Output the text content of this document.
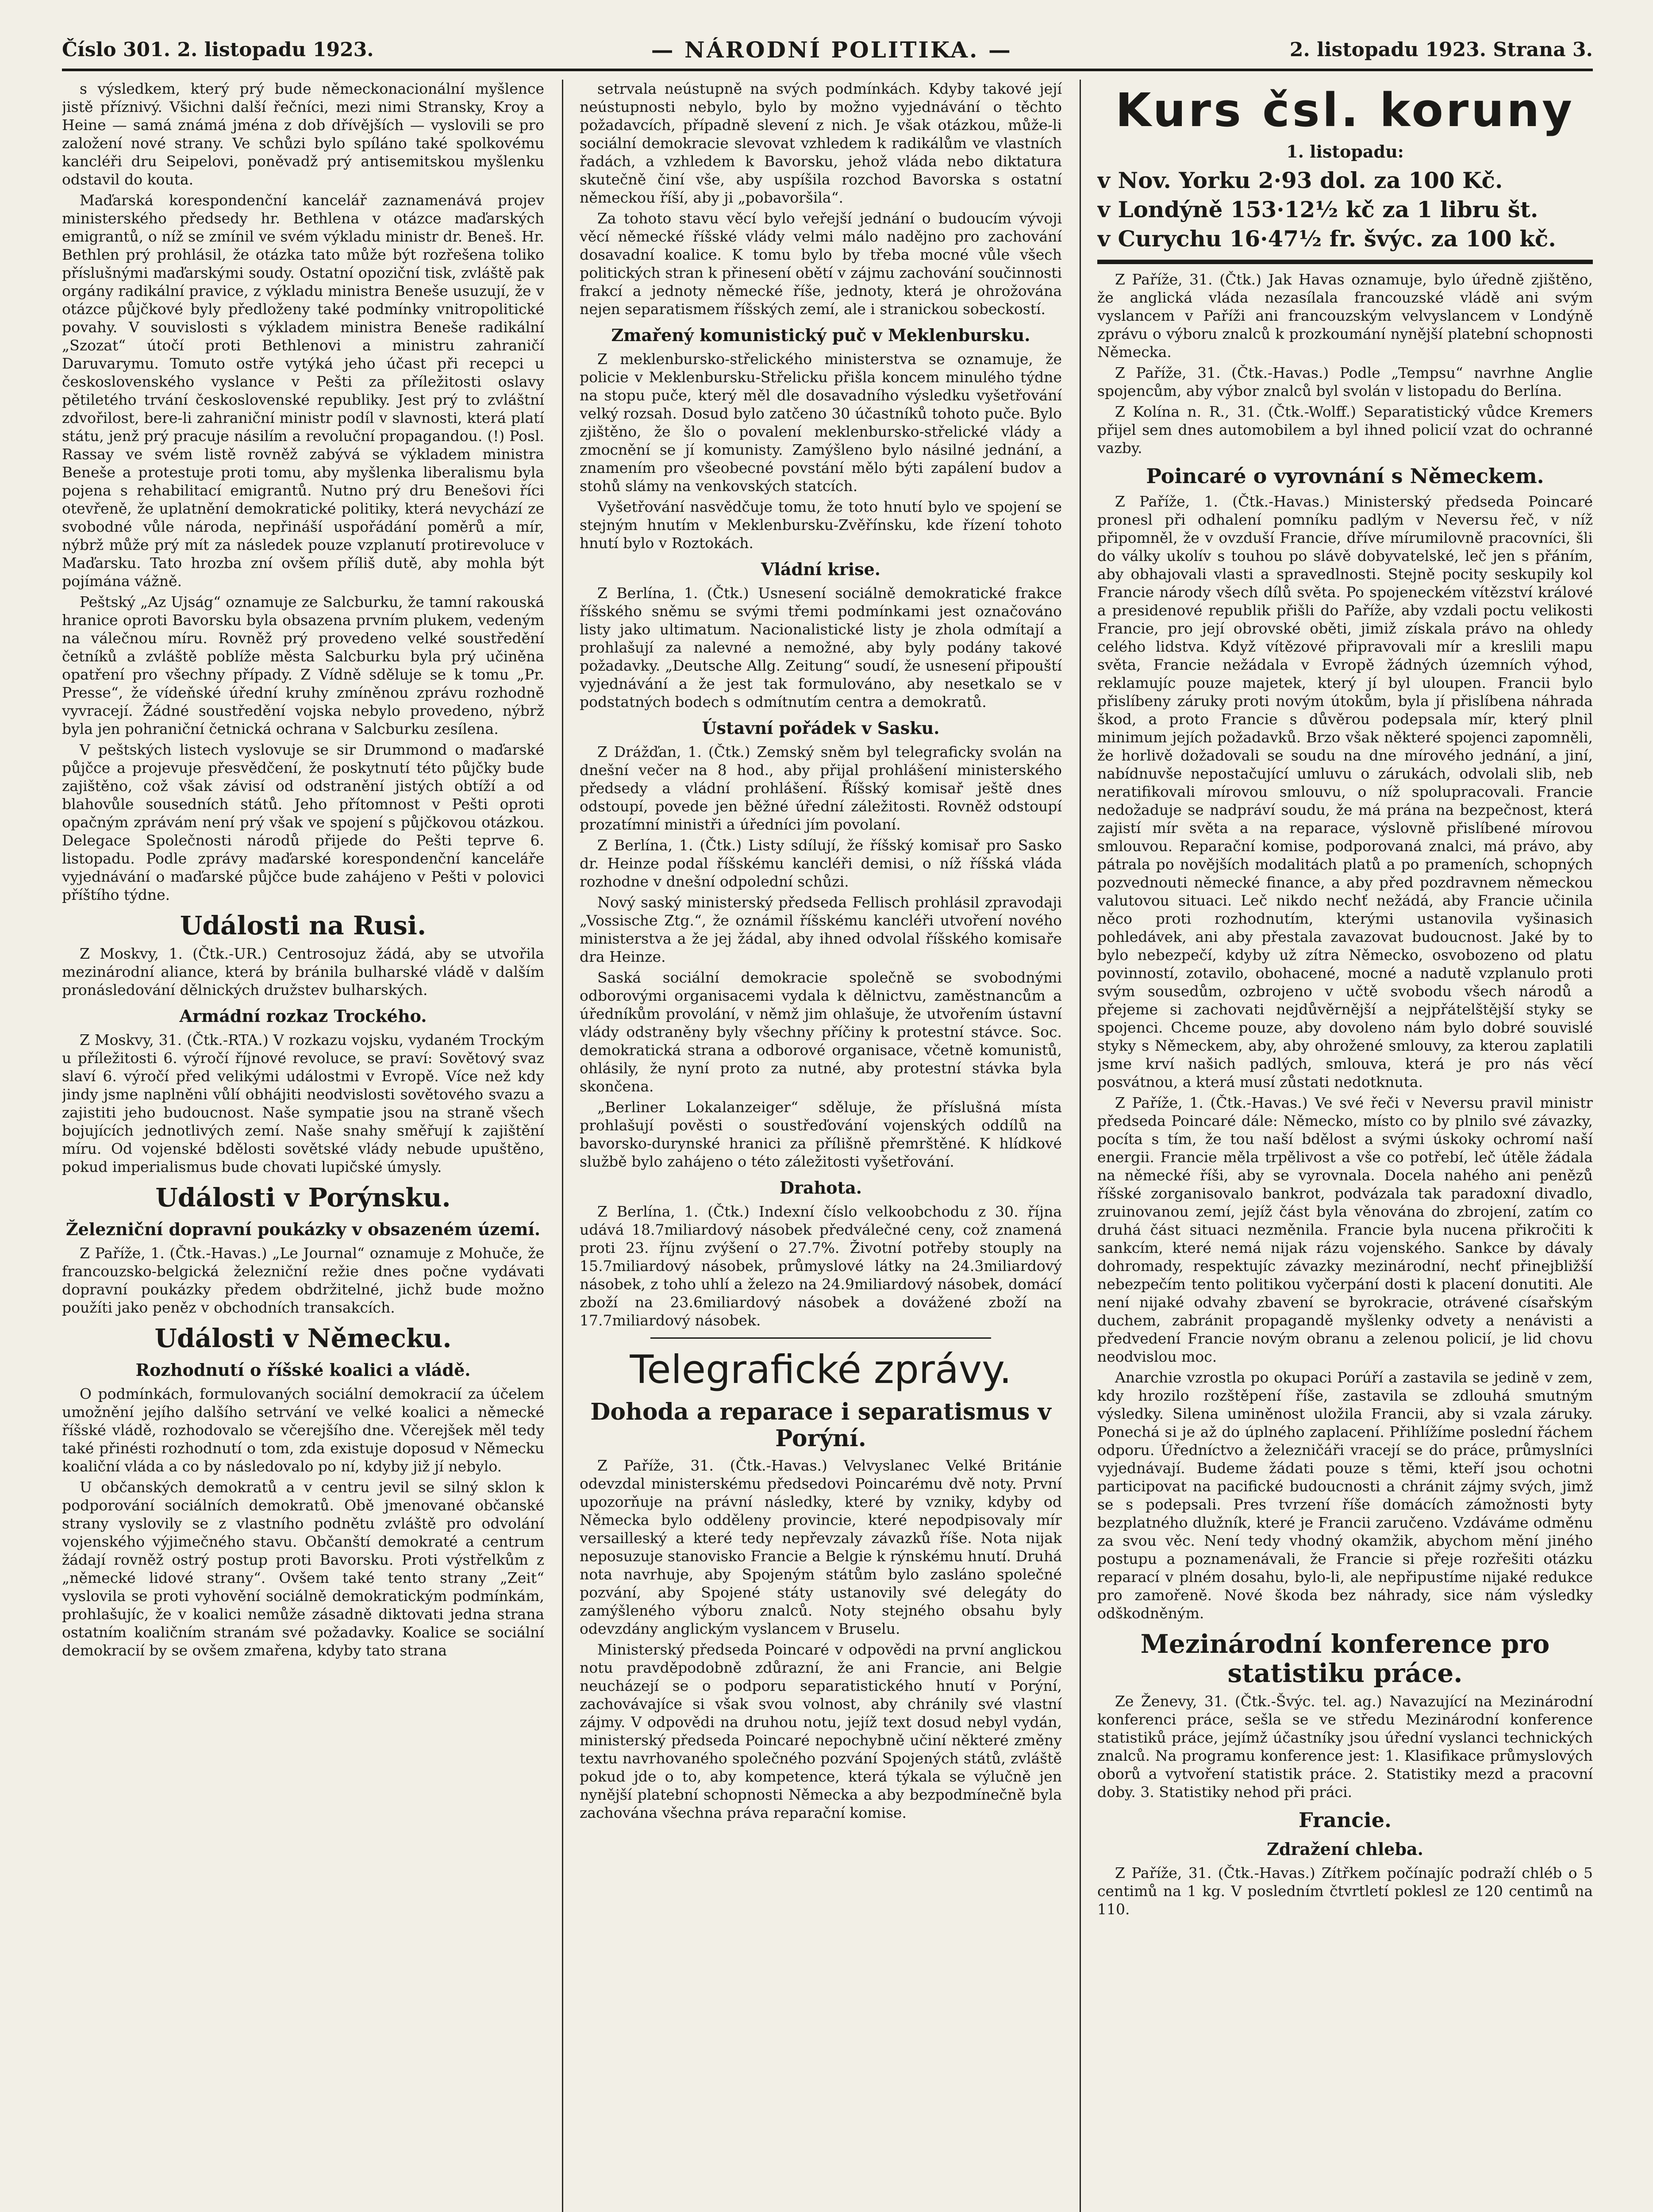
Číslo 301. 2. listopadu 1923.	— NÁRODNÍ POLITIKA. —	2. listopadu 1923. Strana 3.

s výsledkem, který prý bude německonacionální myšlence jistě příznivý. Všichni další řečníci, mezi nimi Stransky, Kroy a Heine — samá známá jména z dob dřívějších — vyslovili se pro založení nové strany. Ve schůzi bylo spíláno také spolkovému kancléři dru Seipelovi, poněvadž prý antisemitskou myšlenku odstavil do kouta.

Maďarská korespondenční kancelář zaznamenává projev ministerského předsedy hr. Bethlena v otázce maďarských emigrantů, o níž se zmínil ve svém výkladu ministr dr. Beneš. Hr. Bethlen prý prohlásil, že otázka tato může být rozřešena toliko příslušnými maďarskými soudy. Ostatní opoziční tisk, zvláště pak orgány radikální pravice, z výkladu ministra Beneše usuzují, že v otázce půjčkové byly předloženy také podmínky vnitropolitické povahy. V souvislosti s výkladem ministra Beneše radikální „Szozat“ útočí proti Bethlenovi a ministru zahraničí Daruvarymu. Tomuto ostře vytýká jeho účast při recepci u československého vyslance v Pešti za příležitosti oslavy pětiletého trvání československé republiky. Jest prý to zvláštní zdvořilost, bere-li zahraniční ministr podíl v slavnosti, která platí státu, jenž prý pracuje násilím a revoluční propagandou. (!) Posl. Rassay ve svém listě rovněž zabývá se výkladem ministra Beneše a protestuje proti tomu, aby myšlenka liberalismu byla pojena s rehabilitací emigrantů. Nutno prý dru Benešovi říci otevřeně, že uplatnění demokratické politiky, která nevychází ze svobodné vůle národa, nepřináší uspořádání poměrů a mír, nýbrž může prý mít za následek pouze vzplanutí protirevoluce v Maďarsku. Tato hrozba zní ovšem příliš dutě, aby mohla být pojímána vážně.

Peštský „Az Ujság“ oznamuje ze Salcburku, že tamní rakouská hranice oproti Bavorsku byla obsazena prvním plukem, vedeným na válečnou míru. Rovněž prý provedeno velké soustředění četníků a zvláště poblíže města Salcburku byla prý učiněna opatření pro všechny případy. Z Vídně sděluje se k tomu „Pr. Presse“, že vídeňské úřední kruhy zmíněnou zprávu rozhodně vyvracejí. Žádné soustředění vojska nebylo provedeno, nýbrž byla jen pohraniční četnická ochrana v Salcburku zesílena.

V peštských listech vyslovuje se sir Drummond o maďarské půjčce a projevuje přesvědčení, že poskytnutí této půjčky bude zajištěno, což však závisí od odstranění jistých obtíží a od blahovůle sousedních států. Jeho přítomnost v Pešti oproti opačným zprávám není prý však ve spojení s půjčkovou otázkou. Delegace Společnosti národů přijede do Pešti teprve 6. listopadu. Podle zprávy maďarské korespondenční kanceláře vyjednávání o maďarské půjčce bude zahájeno v Pešti v polovici příštího týdne.

Události na Rusi.

Z Moskvy, 1. (Čtk.-UR.) Centrosojuz žádá, aby se utvořila mezinárodní aliance, která by bránila bulharské vládě v dalším pronásledování dělnických družstev bulharských.

Armádní rozkaz Trockého.

Z Moskvy, 31. (Čtk.-RTA.) V rozkazu vojsku, vydaném Trockým u příležitosti 6. výročí říjnové revoluce, se praví: Sovětový svaz slaví 6. výročí před velikými událostmi v Evropě. Více než kdy jindy jsme naplněni vůlí obhájiti neodvislosti sovětového svazu a zajistiti jeho budoucnost. Naše sympatie jsou na straně všech bojujících jednotlivých zemí. Naše snahy směřují k zajištění míru. Od vojenské bdělosti sovětské vlády nebude upuštěno, pokud imperialismus bude chovati lupičské úmysly.

Události v Porýnsku.
Železniční dopravní poukázky v obsazeném území.

Z Paříže, 1. (Čtk.-Havas.) „Le Journal“ oznamuje z Mohuče, že francouzsko-belgická železniční režie dnes počne vydávati dopravní poukázky předem obdržitelné, jichž bude možno použíti jako peněz v obchodních transakcích.

Události v Německu.
Rozhodnutí o říšské koalici a vládě.

O podmínkách, formulovaných sociální demokracií za účelem umožnění jejího dalšího setrvání ve velké koalici a německé říšské vládě, rozhodovalo se včerejšího dne. Včerejšek měl tedy také přinésti rozhodnutí o tom, zda existuje doposud v Německu koaliční vláda a co by následovalo po ní, kdyby již jí nebylo.

U občanských demokratů a v centru jevil se silný sklon k podporování sociálních demokratů. Obě jmenované občanské strany vyslovily se z vlastního podnětu zvláště pro odvolání vojenského výjimečného stavu. Občanští demokraté a centrum žádají rovněž ostrý postup proti Bavorsku. Proti výstřelkům z „německé lidové strany“. Ovšem také tento strany „Zeit“ vyslovila se proti vyhovění sociálně demokratickým podmínkám, prohlašujíc, že v koalici nemůže zásadně diktovati jedna strana ostatním koaličním stranám své požadavky. Koalice se sociální demokracií by se ovšem zmařena, kdyby tato strana

setrvala neústupně na svých podmínkách. Kdyby takové její neústupnosti nebylo, bylo by možno vyjednávání o těchto požadavcích, případně slevení z nich. Je však otázkou, může-li sociální demokracie slevovat vzhledem k radikálům ve vlastních řadách, a vzhledem k Bavorsku, jehož vláda nebo diktatura skutečně činí vše, aby uspíšila rozchod Bavorska s ostatní německou říší, aby ji „pobavoršila“.

Za tohoto stavu věcí bylo veřejší jednání o budoucím vývoji věcí německé říšské vlády velmi málo nadějno pro zachování dosavadní koalice. K tomu bylo by třeba mocné vůle všech politických stran k přinesení obětí v zájmu zachování součinnosti frakcí a jednoty německé říše, jednoty, která je ohrožována nejen separatismem říšských zemí, ale i stranickou sobeckostí.

Zmařený komunistický puč v Meklenbursku.

Z meklenbursko-střelického ministerstva se oznamuje, že policie v Meklenbursku-Střelicku přišla koncem minulého týdne na stopu puče, který měl dle dosavadního výsledku vyšetřování velký rozsah. Dosud bylo zatčeno 30 účastníků tohoto puče. Bylo zjištěno, že šlo o povalení meklenbursko-střelické vlády a zmocnění se jí komunisty. Zamýšleno bylo násilné jednání, a znamením pro všeobecné povstání mělo býti zapálení budov a stohů slámy na venkovských statcích.

Vyšetřování nasvědčuje tomu, že toto hnutí bylo ve spojení se stejným hnutím v Meklenbursku-Zvěřínsku, kde řízení tohoto hnutí bylo v Roztokách.

Vládní krise.

Z Berlína, 1. (Čtk.) Usnesení sociálně demokratické frakce říšského sněmu se svými třemi podmínkami jest označováno listy jako ultimatum. Nacionalistické listy je zhola odmítají a prohlašují za nalevné a nemožné, aby byly podány takové požadavky. „Deutsche Allg. Zeitung“ soudí, že usnesení připouští vyjednávání a že jest tak formulováno, aby nesetkalo se v podstatných bodech s odmítnutím centra a demokratů.

Ústavní pořádek v Sasku.

Z Drážďan, 1. (Čtk.) Zemský sněm byl telegraficky svolán na dnešní večer na 8 hod., aby přijal prohlášení ministerského předsedy a vládní prohlášení. Říšský komisař ještě dnes odstoupí, povede jen běžné úřední záležitosti. Rovněž odstoupí prozatímní ministři a úředníci jím povolaní.

Z Berlína, 1. (Čtk.) Listy sdílují, že říšský komisař pro Sasko dr. Heinze podal říšskému kancléři demisi, o níž říšská vláda rozhodne v dnešní odpolední schůzi.

Nový saský ministerský předseda Fellisch prohlásil zpravodaji „Vossische Ztg.“, že oznámil říšskému kancléři utvoření nového ministerstva a že jej žádal, aby ihned odvolal říšského komisaře dra Heinze.

Saská sociální demokracie společně se svobodnými odborovými organisacemi vydala k dělnictvu, zaměstnancům a úředníkům provolání, v němž jim ohlašuje, že utvořením ústavní vlády odstraněny byly všechny příčiny k protestní stávce. Soc. demokratická strana a odborové organisace, včetně komunistů, ohlásily, že nyní proto za nutné, aby protestní stávka byla skončena.

„Berliner Lokalanzeiger“ sděluje, že příslušná místa prohlašují pověsti o soustřeďování vojenských oddílů na bavorsko-durynské hranici za přílišně přemrštěné. K hlídkové službě bylo zahájeno o této záležitosti vyšetřování.

Drahota.

Z Berlína, 1. (Čtk.) Indexní číslo velkoobchodu z 30. října udává 18.7miliardový násobek předválečné ceny, což znamená proti 23. říjnu zvýšení o 27.7%. Životní potřeby stouply na 15.7miliardový násobek, průmyslové látky na 24.3miliardový násobek, z toho uhlí a železo na 24.9miliardový násobek, domácí zboží na 23.6miliardový násobek a dovážené zboží na 17.7miliardový násobek.

Telegrafické zprávy.
Dohoda a reparace i separatismus v Porýní.

Z Paříže, 31. (Čtk.-Havas.) Velvyslanec Velké Británie odevzdal ministerskému předsedovi Poincarému dvě noty. První upozorňuje na právní následky, které by vzniky, kdyby od Německa bylo odděleny provincie, které nepodpisovaly mír versailleský a které tedy nepřevzaly závazků říše. Nota nijak neposuzuje stanovisko Francie a Belgie k rýnskému hnutí. Druhá nota navrhuje, aby Spojeným státům bylo zasláno společné pozvání, aby Spojené státy ustanovily své delegáty do zamýšleného výboru znalců. Noty stejného obsahu byly odevzdány anglickým vyslancem v Bruselu.

Ministerský předseda Poincaré v odpovědi na první anglickou notu pravděpodobně zdůrazní, že ani Francie, ani Belgie neucházejí se o podporu separatistického hnutí v Porýní, zachovávajíce si však svou volnost, aby chránily své vlastní zájmy. V odpovědi na druhou notu, jejíž text dosud nebyl vydán, ministerský předseda Poincaré nepochybně učiní některé změny textu navrhovaného společného pozvání Spojených států, zvláště pokud jde o to, aby kompetence, která týkala se výlučně jen nynější platební schopnosti Německa a aby bezpodmínečně byla zachována všechna práva reparační komise.

Kurs čsl. koruny
1. listopadu:
v Nov. Yorku 2·93 dol. za 100 Kč.
v Londýně 153·12½ kč za 1 libru št.
v Curychu 16·47½ fr. švýc. za 100 kč.

Z Paříže, 31. (Čtk.) Jak Havas oznamuje, bylo úředně zjištěno, že anglická vláda nezasílala francouzské vládě ani svým vyslancem v Paříži ani francouzským velvyslancem v Londýně zprávu o výboru znalců k prozkoumání nynější platební schopnosti Německa.

Z Paříže, 31. (Čtk.-Havas.) Podle „Tempsu“ navrhne Anglie spojencům, aby výbor znalců byl svolán v listopadu do Berlína.

Z Kolína n. R., 31. (Čtk.-Wolff.) Separatistický vůdce Kremers přijel sem dnes automobilem a byl ihned policií vzat do ochranné vazby.

Poincaré o vyrovnání s Německem.

Z Paříže, 1. (Čtk.-Havas.) Ministerský předseda Poincaré pronesl při odhalení pomníku padlým v Neversu řeč, v níž připomněl, že v ovzduší Francie, dříve mírumilovně pracovníci, šli do války ukolív s touhou po slávě dobyvatelské, leč jen s přáním, aby obhajovali vlasti a spravedlnosti. Stejně pocity seskupily kol Francie národy všech dílů světa. Po spojeneckém vítězství králové a presidenové republik přišli do Paříže, aby vzdali poctu velikosti Francie, pro její obrovské oběti, jimiž získala právo na ohledy celého lidstva. Když vítězové připravovali mír a kreslili mapu světa, Francie nežádala v Evropě žádných územních výhod, reklamujíc pouze majetek, který jí byl uloupen. Francii bylo přislíbeny záruky proti novým útokům, byla jí přislíbena náhrada škod, a proto Francie s důvěrou podepsala mír, který plnil minimum jejích požadavků. Brzo však některé spojenci zapomněli, že horlivě dožadovali se soudu na dne mírového jednání, a jiní, nabídnuvše nepostačující umluvu o zárukách, odvolali slib, neb neratifikovali mírovou smlouvu, o níž spolupracovali. Francie nedožaduje se nadpráví soudu, že má prána na bezpečnost, která zajistí mír světa a na reparace, výslovně přislíbené mírovou smlouvou. Reparační komise, podporovaná znalci, má právo, aby pátrala po novějších modalitách platů a po prameních, schopných pozvednouti německé finance, a aby před pozdravnem německou valutovou situaci. Leč nikdo nechť nežádá, aby Francie učinila něco proti rozhodnutím, kterými ustanovila vyšinasich pohledávek, ani aby přestala zavazovat budoucnost. Jaké by to bylo nebezpečí, kdyby už zítra Německo, osvobozeno od platu povinností, zotavilo, obohacené, mocné a nadutě vzplanulo proti svým sousedům, ozbrojeno v učtě svobodu všech národů a přejeme si zachovati nejdůvěrnější a nejpřátelštější styky se spojenci. Chceme pouze, aby dovoleno nám bylo dobré souvislé styky s Německem, aby, aby ohrožené smlouvy, za kterou zaplatili jsme krví našich padlých, smlouva, která je pro nás věcí posvátnou, a která musí zůstati nedotknuta.

Z Paříže, 1. (Čtk.-Havas.) Ve své řeči v Neversu pravil ministr předseda Poincaré dále: Německo, místo co by plnilo své závazky, pocíta s tím, že tou naší bdělost a svými úskoky ochromí naší energii. Francie měla trpělivost a vše co potřebí, leč útěle žádala na německé říši, aby se vyrovnala. Docela nahého ani penězů říšské zorganisovalo bankrot, podvázala tak paradoxní divadlo, zruinovanou zemí, jejíž část byla věnována do zbrojení, zatím co druhá část situaci nezměnila. Francie byla nucena přikročiti k sankcím, které nemá nijak rázu vojenského. Sankce by dávaly dohromady, respektujíc závazky mezinárodní, nechť přinejbližší nebezpečím tento politikou vyčerpání dosti k placení donutiti. Ale není nijaké odvahy zbavení se byrokracie, otrávené císařským duchem, zabránit propagandě myšlenky odvety a nenávisti a předvedení Francie novým obranu a zelenou policií, je lid chovu neodvislou moc.

Anarchie vzrostla po okupaci Porúří a zastavila se jedině v zem, kdy hrozilo rozštěpení říše, zastavila se zdlouhá smutným výsledky. Silena uminěnost uložila Francii, aby si vzala záruky. Ponechá si je až do úplného zaplacení. Přihlížíme poslední řáchem odporu. Úředníctvo a železničáři vracejí se do práce, průmyslníci vyjednávají. Budeme žádati pouze s těmi, kteří jsou ochotni participovat na pacifické budoucnosti a chránit zájmy svých, jimž se s podepsali. Pres tvrzení říše domácích zámožnosti byty bezplatného dlužník, které je Francii zaručeno. Vzdáváme odměnu za svou věc. Není tedy vhodný okamžik, abychom mění jiného postupu a poznamenávali, že Francie si přeje rozřešiti otázku reparací v plném dosahu, bylo-li, ale nepřipustíme nijaké redukce pro zamořeně. Nové škoda bez náhrady, sice nám výsledky odškodněným.

Mezinárodní konference pro statistiku práce.

Ze Ženevy, 31. (Čtk.-Švýc. tel. ag.) Navazující na Mezinárodní konferenci práce, sešla se ve středu Mezinárodní konference statistiků práce, jejímž účastníky jsou úřední vyslanci technických znalců. Na programu konference jest: 1. Klasifikace průmyslových oborů a vytvoření statistik práce. 2. Statistiky mezd a pracovní doby. 3. Statistiky nehod při práci.

Francie.
Zdražení chleba.

Z Paříže, 31. (Čtk.-Havas.) Zítřkem počínajíc podraží chléb o 5 centimů na 1 kg. V posledním čtvrtletí poklesl ze 120 centimů na 110.
